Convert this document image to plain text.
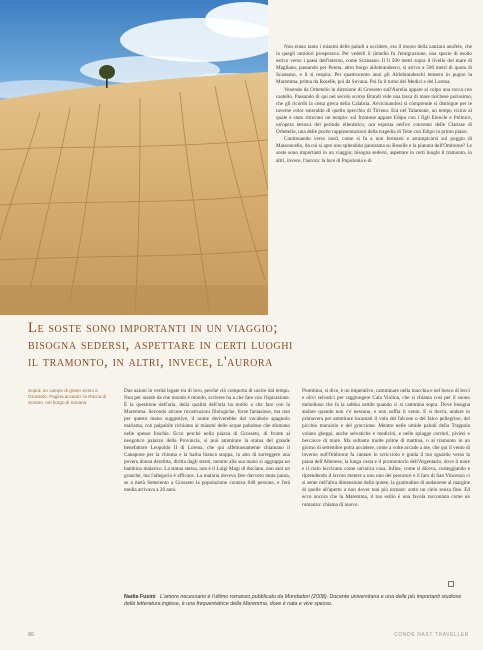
Non erano tanto i miasmi delle paludi a uccidere, era il morso della zanzara anofele, che in quegli umidori prosperava. Per vederli il rimedio fu l'emigrazione, una specie di esodo estivo verso i paesi dell'interno, come Scansano. Il lì 500 metri sopra il livello del mare di Magliano, passando per Pereta, altro borgo aldobrandesco, si arriva a 500 metri di quota di Scansano, e lì si respira. Per quattrocento anni gli Aldobrandeschi tennero in pugno la Maremma, prima da Roselle, poi da Sovana. Poi fu il turno dei Medici e dei Lorena.

Venendo da Orbetello in direzione di Grosseto sull'Aurelia appare al colpo una rocca con castello. Passando di qui nel secolo scorso Brandi vide una tasca di mare turchese purissimo, che gli ricordò la costa greca della Calabria. Avvicinandosi si comprende si distingue per le taverne color smeraldo di quello specchio di Tirreno. Era nel Talamone, un tempo vicino al quale è stato ritrovato un tempio: sul frontone appare Edipo con i figli Eteocle e Polinice, un'opera etrusca del periodo ellenistico, ora esposta nell'ex convento delle Clarisse di Orbetello, una delle poche rappresentazioni della tragedia di Tebe con Edipo in primo piano.

Continuando verso nord, come si fa a non fermarsi e arrampicarsi sul poggio di Massoncello, da cui si apre uno splendido panorama su Roselle e la pianura dell'Ombrone? Le soste sono importanti in un viaggio; bisogna sedersi, aspettare in certi luoghi il tramonto, in altri, invece, l'aurora: la luce di Populonia e di

Le soste sono importanti in un viaggio;
bisogna sedersi, aspettare in certi luoghi
il tramonto, in altri, invece, l'aurora
Sopra: un campo di grano vicino a Grosseto. Pagina accanto: la Rocca di Sorano, nel borgo di Sovana

Due azioni in verità legate tra di loro, perché ciò comporta di uscire dal tempo. Non per niente da che mondo è mondo, scrivere ha a che fare con l'ispirazione. È la questione dell'aria, della qualità dell'aria ha molto a che fare con la Maremma. Secondo alcune ricostruzioni filologiche, forse fantasiose, ma non per questo meno suggestive, il nome deriverebbe dal vocabolo spagnolo marisma, con palpabile richiamo ai miasmi delle acque paludose che sfumano nelle spesse foschie. Ecco perché nella piazza di Grosseto, di fronte al neogotico palazzo della Provincia, si può ammirare la statua del grande benefattore Leopoldo II di Lorena, che qui affettuosamente chiamano il Canapone per la chioma e la barba bianca stoppa, in atto di sorreggere una povera donna derelitta, diritta dagli stenti, mentre alla sua mano si aggrappa un bambino malarico. La statua stessa, non è il Luigi Magi di Asciano, non sarà un granché, ma l'allegoria è efficace. La malaria doveva fare davvero tanta paura, se a metà Settecento a Grosseto la popolazione contava 648 persone, e l'età media arrivava a 20 anni.

Piombino, si dice, è un imperativo, camminare nella macchia e nel bosco di lecci e olivi selvatici per raggiungere Cala Violina, che si chiama così per il suono melodioso che fa la sabbia sottile quando ci si cammina sopra. Dove bisogna andare quando non c'è nessuno, e non soffia il vento. E si dovrà, andare in primavera per ammirare incantati il volo del falcone o del falco pellegrino, del picchio muraiolo e del gruccione. Mentre nelle umide paludi della Trappola volano gheppi, anche selvatiche e medicini, e nelle spiagge corrieri, pivieri e beccacce di mare. Ma soltanto molte prime di mattina, o al tramonto in un giorno di settembre potrà accadere, come a volte accade a me, che qui il vento di inverno sull'Ombrone fa cantare lo scricciolo e guida il tuo sguardo verso la piana dell'Alberese, la lunga costa e il promontorio dell'Argentario, dove il mare e il cielo luccicano come un'unica cosa. Infine, come si diceva, costeggiando e riprendendo il lavoro mentre a uno uno dei pescatori e il faro di San Vincenzo ci si sente nell'altra dimensione della quiete, la gratitudine di andarsene al margine di quelle all'aperto a non dover mai più tornare: sotto un cielo senza fine. Ed ecco ancora che la Maremma, il tuo esilio è una favola raccontata come un romanzo: chiama di nuovo.

Nadia Fusini L'amore necessario è l'ultimo romanzo pubblicato da Mondadori (2008). Docente universitaria e una delle più importanti studiose della letteratura inglese, è una frequentatrice della Maremma, dove è nata e vive spesso.
86	CONDE NAST TRAVELLER
